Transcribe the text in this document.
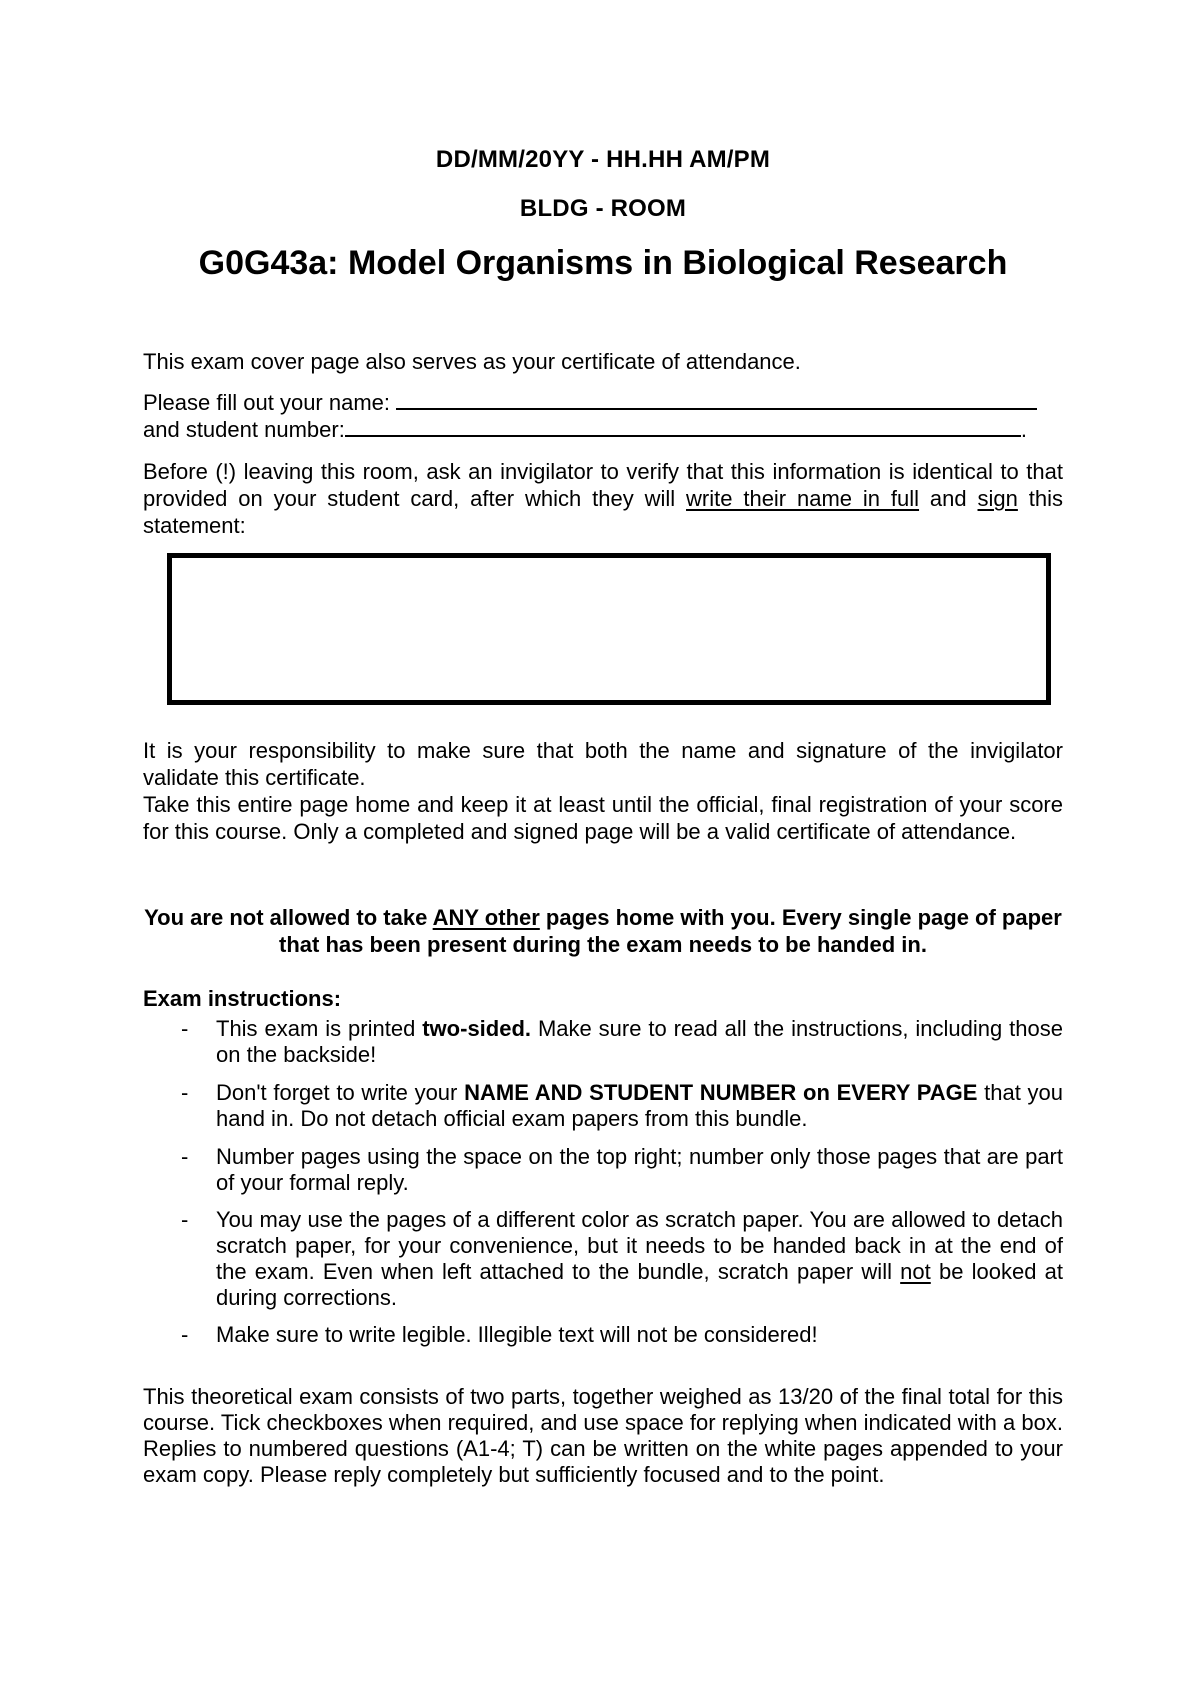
DD/MM/20YY - HH.HH AM/PM
BLDG - ROOM
G0G43a: Model Organisms in Biological Research
This exam cover page also serves as your certificate of attendance.
Please fill out your name:
and student number:	.
Before (!) leaving this room, ask an invigilator to verify that this information is identical to that provided on your student card, after which they will write their name in full and sign this statement:
It is your responsibility to make sure that both the name and signature of the invigilator validate this certificate.
Take this entire page home and keep it at least until the official, final registration of your score for this course. Only a completed and signed page will be a valid certificate of attendance.
You are not allowed to take ANY other pages home with you. Every single page of paper that has been present during the exam needs to be handed in.
Exam instructions:
- This exam is printed two-sided. Make sure to read all the instructions, including those on the backside!
- Don't forget to write your NAME AND STUDENT NUMBER on EVERY PAGE that you hand in. Do not detach official exam papers from this bundle.
- Number pages using the space on the top right; number only those pages that are part of your formal reply.
- You may use the pages of a different color as scratch paper. You are allowed to detach scratch paper, for your convenience, but it needs to be handed back in at the end of the exam. Even when left attached to the bundle, scratch paper will not be looked at during corrections.
- Make sure to write legible. Illegible text will not be considered!
This theoretical exam consists of two parts, together weighed as 13/20 of the final total for this course. Tick checkboxes when required, and use space for replying when indicated with a box. Replies to numbered questions (A1-4; T) can be written on the white pages appended to your exam copy. Please reply completely but sufficiently focused and to the point.
